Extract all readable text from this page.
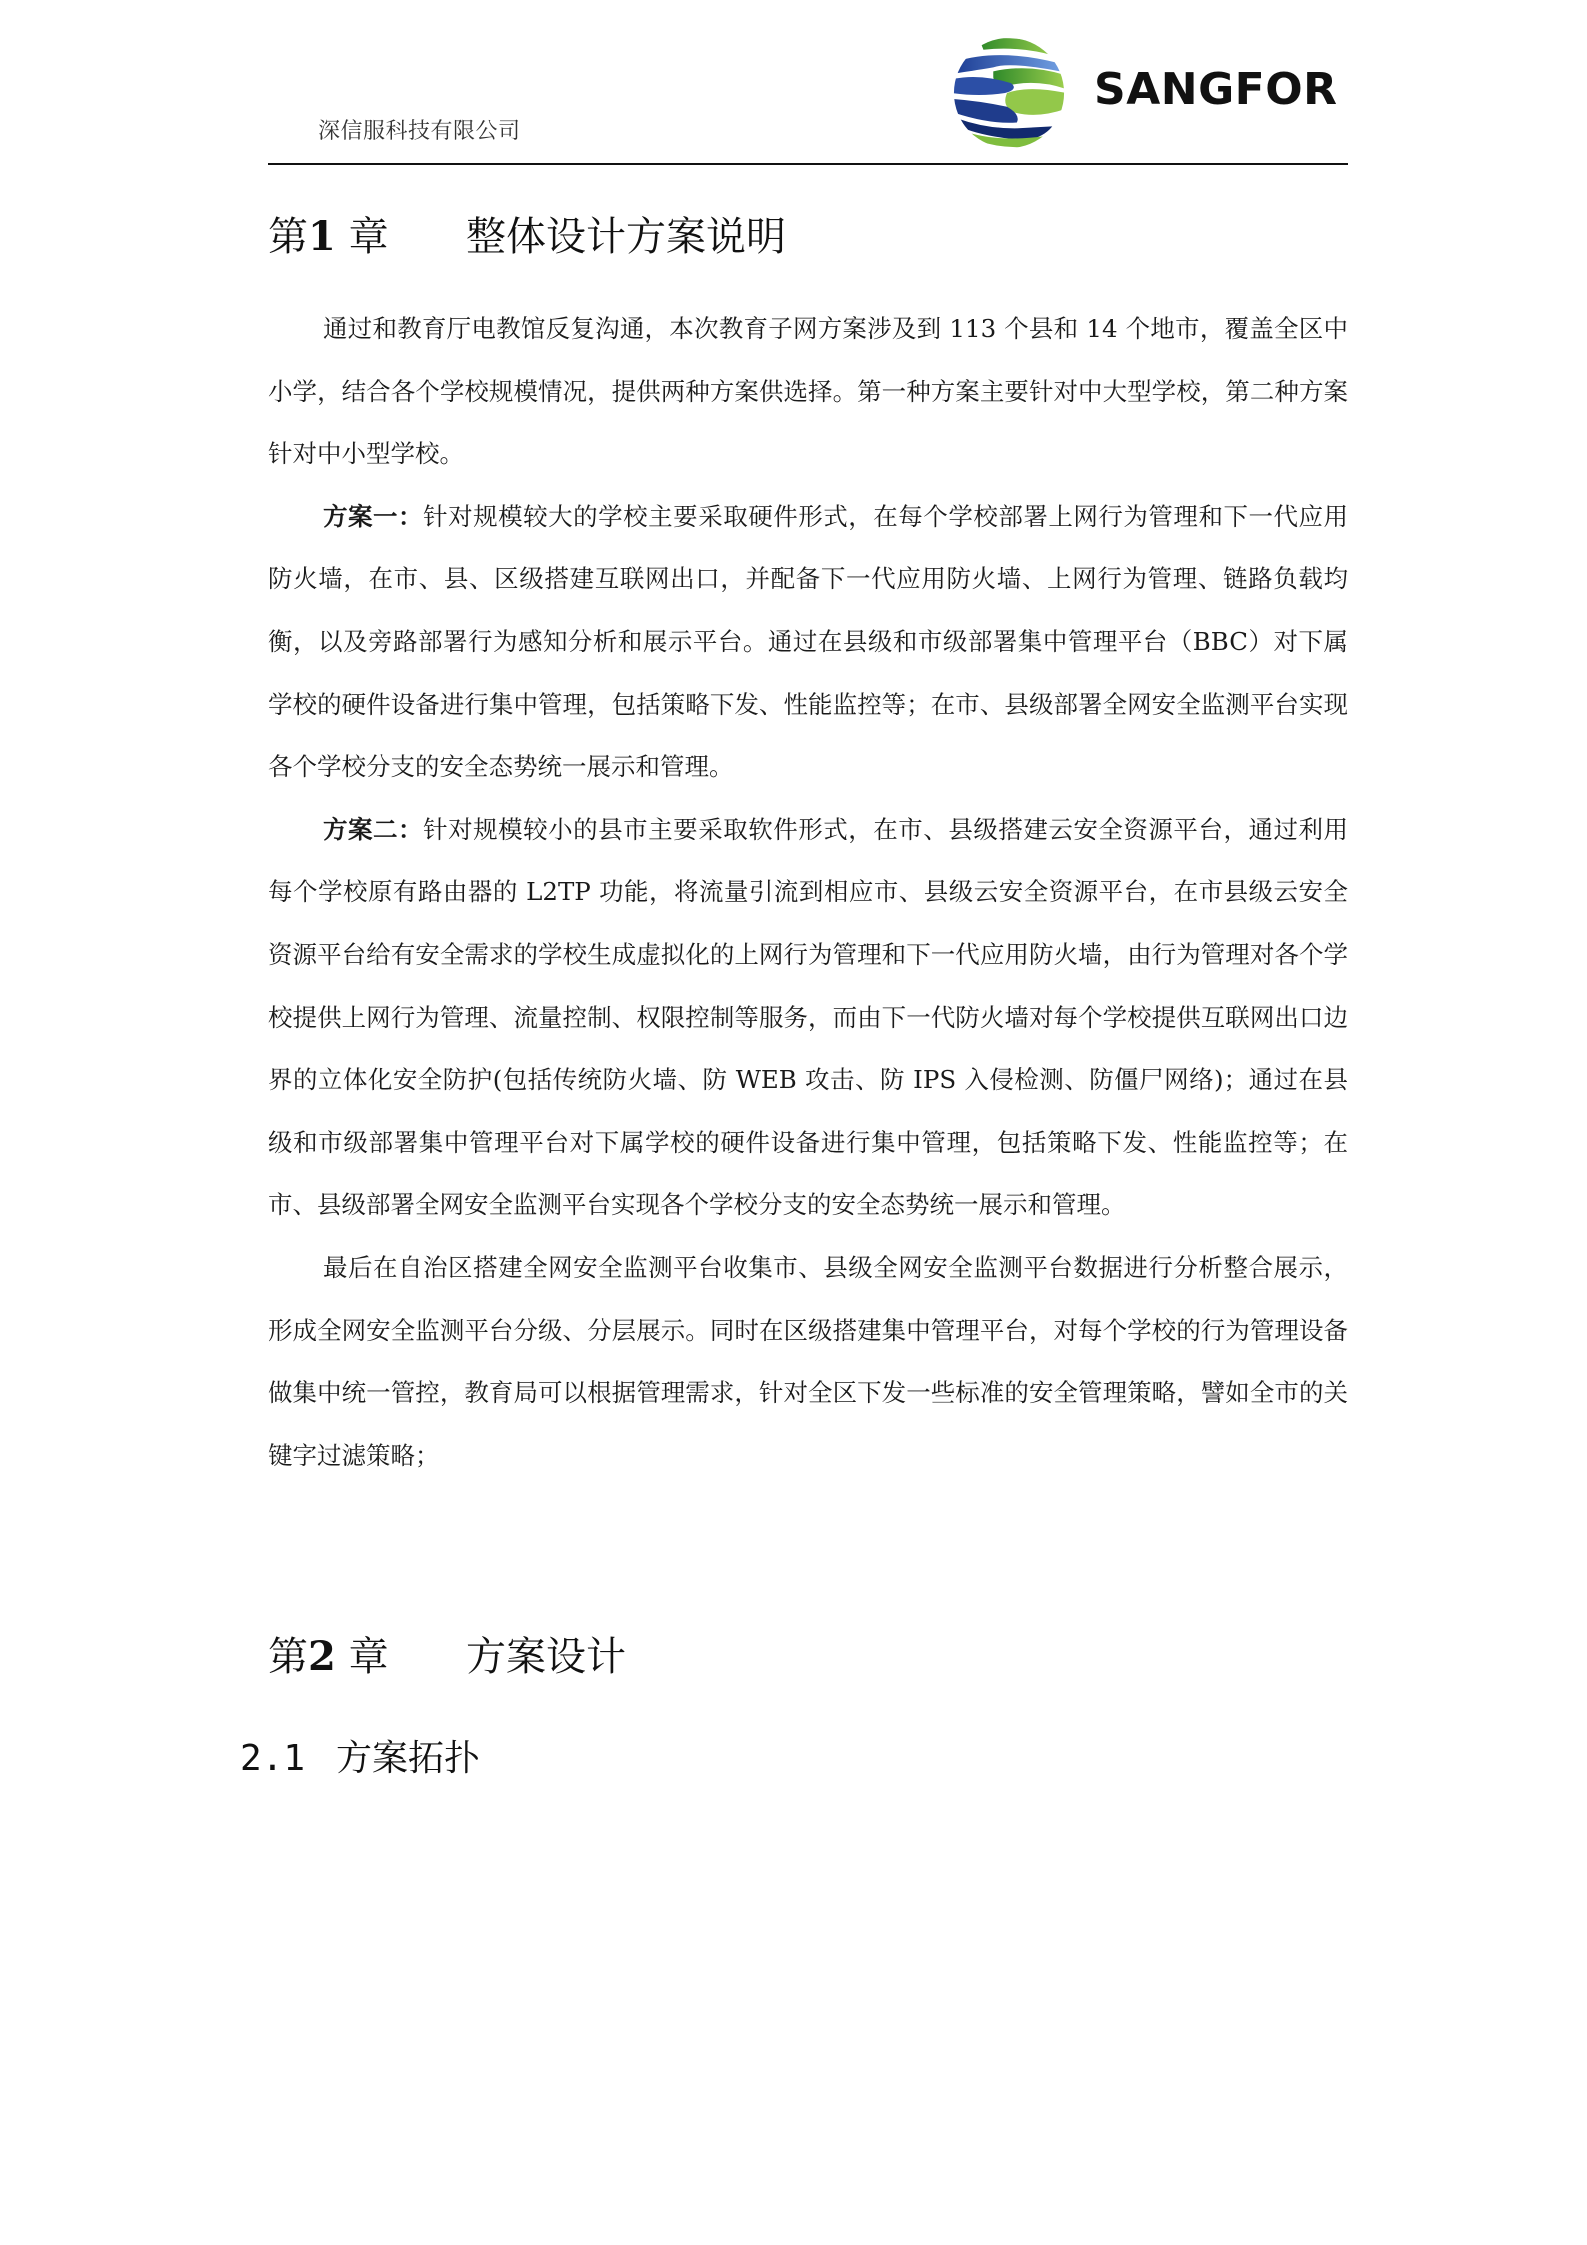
深信服科技有限公司
SANGFOR
第1 章	整体设计方案说明

通过和教育厅电教馆反复沟通，本次教育子网方案涉及到 113 个县和 14 个地市，覆盖全区中小学，结合各个学校规模情况，提供两种方案供选择。第一种方案主要针对中大型学校，第二种方案针对中小型学校。

方案一：针对规模较大的学校主要采取硬件形式，在每个学校部署上网行为管理和下一代应用防火墙，在市、县、区级搭建互联网出口，并配备下一代应用防火墙、上网行为管理、链路负载均衡，以及旁路部署行为感知分析和展示平台。通过在县级和市级部署集中管理平台（BBC）对下属学校的硬件设备进行集中管理，包括策略下发、性能监控等；在市、县级部署全网安全监测平台实现各个学校分支的安全态势统一展示和管理。

方案二：针对规模较小的县市主要采取软件形式，在市、县级搭建云安全资源平台，通过利用每个学校原有路由器的 L2TP 功能，将流量引流到相应市、县级云安全资源平台，在市县级云安全资源平台给有安全需求的学校生成虚拟化的上网行为管理和下一代应用防火墙，由行为管理对各个学校提供上网行为管理、流量控制、权限控制等服务，而由下一代防火墙对每个学校提供互联网出口边界的立体化安全防护(包括传统防火墙、防 WEB 攻击、防 IPS 入侵检测、防僵尸网络)；通过在县级和市级部署集中管理平台对下属学校的硬件设备进行集中管理，包括策略下发、性能监控等；在市、县级部署全网安全监测平台实现各个学校分支的安全态势统一展示和管理。

最后在自治区搭建全网安全监测平台收集市、县级全网安全监测平台数据进行分析整合展示，形成全网安全监测平台分级、分层展示。同时在区级搭建集中管理平台，对每个学校的行为管理设备做集中统一管控，教育局可以根据管理需求，针对全区下发一些标准的安全管理策略，譬如全市的关键字过滤策略；

第2 章	方案设计
2.1 方案拓扑
